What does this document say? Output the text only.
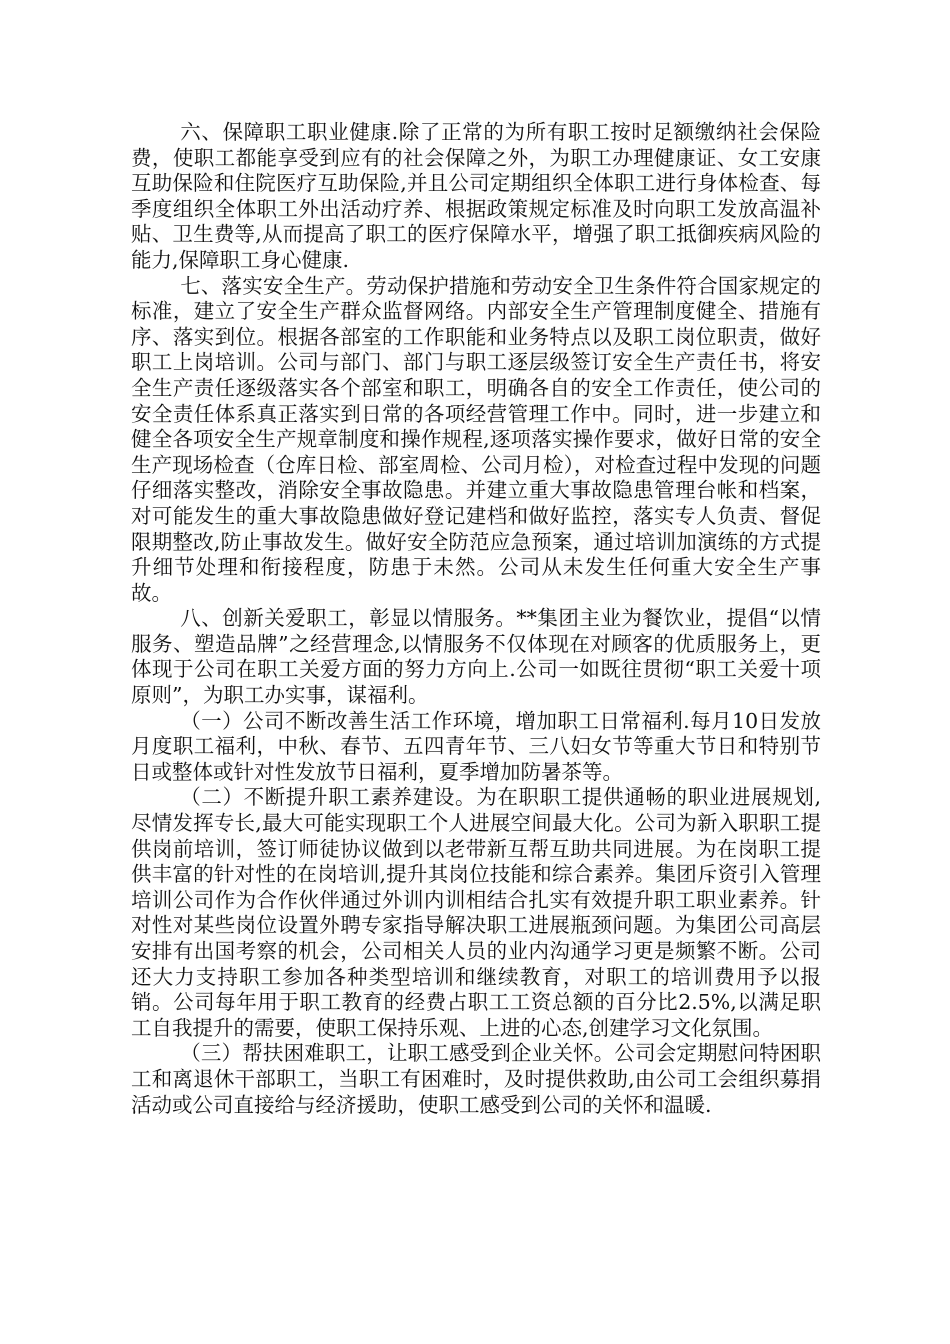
六、保障职工职业健康.除了正常的为所有职工按时足额缴纳社会保险费，使职工都能享受到应有的社会保障之外，为职工办理健康证、女工安康互助保险和住院医疗互助保险,并且公司定期组织全体职工进行身体检查、每季度组织全体职工外出活动疗养、根据政策规定标准及时向职工发放高温补贴、卫生费等,从而提高了职工的医疗保障水平，增强了职工抵御疾病风险的能力,保障职工身心健康.

七、落实安全生产。劳动保护措施和劳动安全卫生条件符合国家规定的标准，建立了安全生产群众监督网络。内部安全生产管理制度健全、措施有序、落实到位。根据各部室的工作职能和业务特点以及职工岗位职责，做好职工上岗培训。公司与部门、部门与职工逐层级签订安全生产责任书，将安全生产责任逐级落实各个部室和职工，明确各自的安全工作责任，使公司的安全责任体系真正落实到日常的各项经营管理工作中。同时，进一步建立和健全各项安全生产规章制度和操作规程,逐项落实操作要求，做好日常的安全生产现场检查（仓库日检、部室周检、公司月检），对检查过程中发现的问题仔细落实整改，消除安全事故隐患。并建立重大事故隐患管理台帐和档案，对可能发生的重大事故隐患做好登记建档和做好监控，落实专人负责、督促限期整改,防止事故发生。做好安全防范应急预案，通过培训加演练的方式提升细节处理和衔接程度，防患于未然。公司从未发生任何重大安全生产事故。

八、创新关爱职工，彰显以情服务。**集团主业为餐饮业，提倡“以情服务、塑造品牌”之经营理念,以情服务不仅体现在对顾客的优质服务上，更体现于公司在职工关爱方面的努力方向上.公司一如既往贯彻“职工关爱十项原则”，为职工办实事，谋福利。

（一）公司不断改善生活工作环境，增加职工日常福利.每月10日发放月度职工福利，中秋、春节、五四青年节、三八妇女节等重大节日和特别节日或整体或针对性发放节日福利，夏季增加防暑茶等。

（二）不断提升职工素养建设。为在职职工提供通畅的职业进展规划,尽情发挥专长,最大可能实现职工个人进展空间最大化。公司为新入职职工提供岗前培训，签订师徒协议做到以老带新互帮互助共同进展。为在岗职工提供丰富的针对性的在岗培训,提升其岗位技能和综合素养。集团斥资引入管理培训公司作为合作伙伴通过外训内训相结合扎实有效提升职工职业素养。针对性对某些岗位设置外聘专家指导解决职工进展瓶颈问题。为集团公司高层安排有出国考察的机会，公司相关人员的业内沟通学习更是频繁不断。公司还大力支持职工参加各种类型培训和继续教育，对职工的培训费用予以报销。公司每年用于职工教育的经费占职工工资总额的百分比2.5%,以满足职工自我提升的需要，使职工保持乐观、上进的心态,创建学习文化氛围。

（三）帮扶困难职工，让职工感受到企业关怀。公司会定期慰问特困职工和离退休干部职工，当职工有困难时，及时提供救助,由公司工会组织募捐活动或公司直接给与经济援助，使职工感受到公司的关怀和温暖.
